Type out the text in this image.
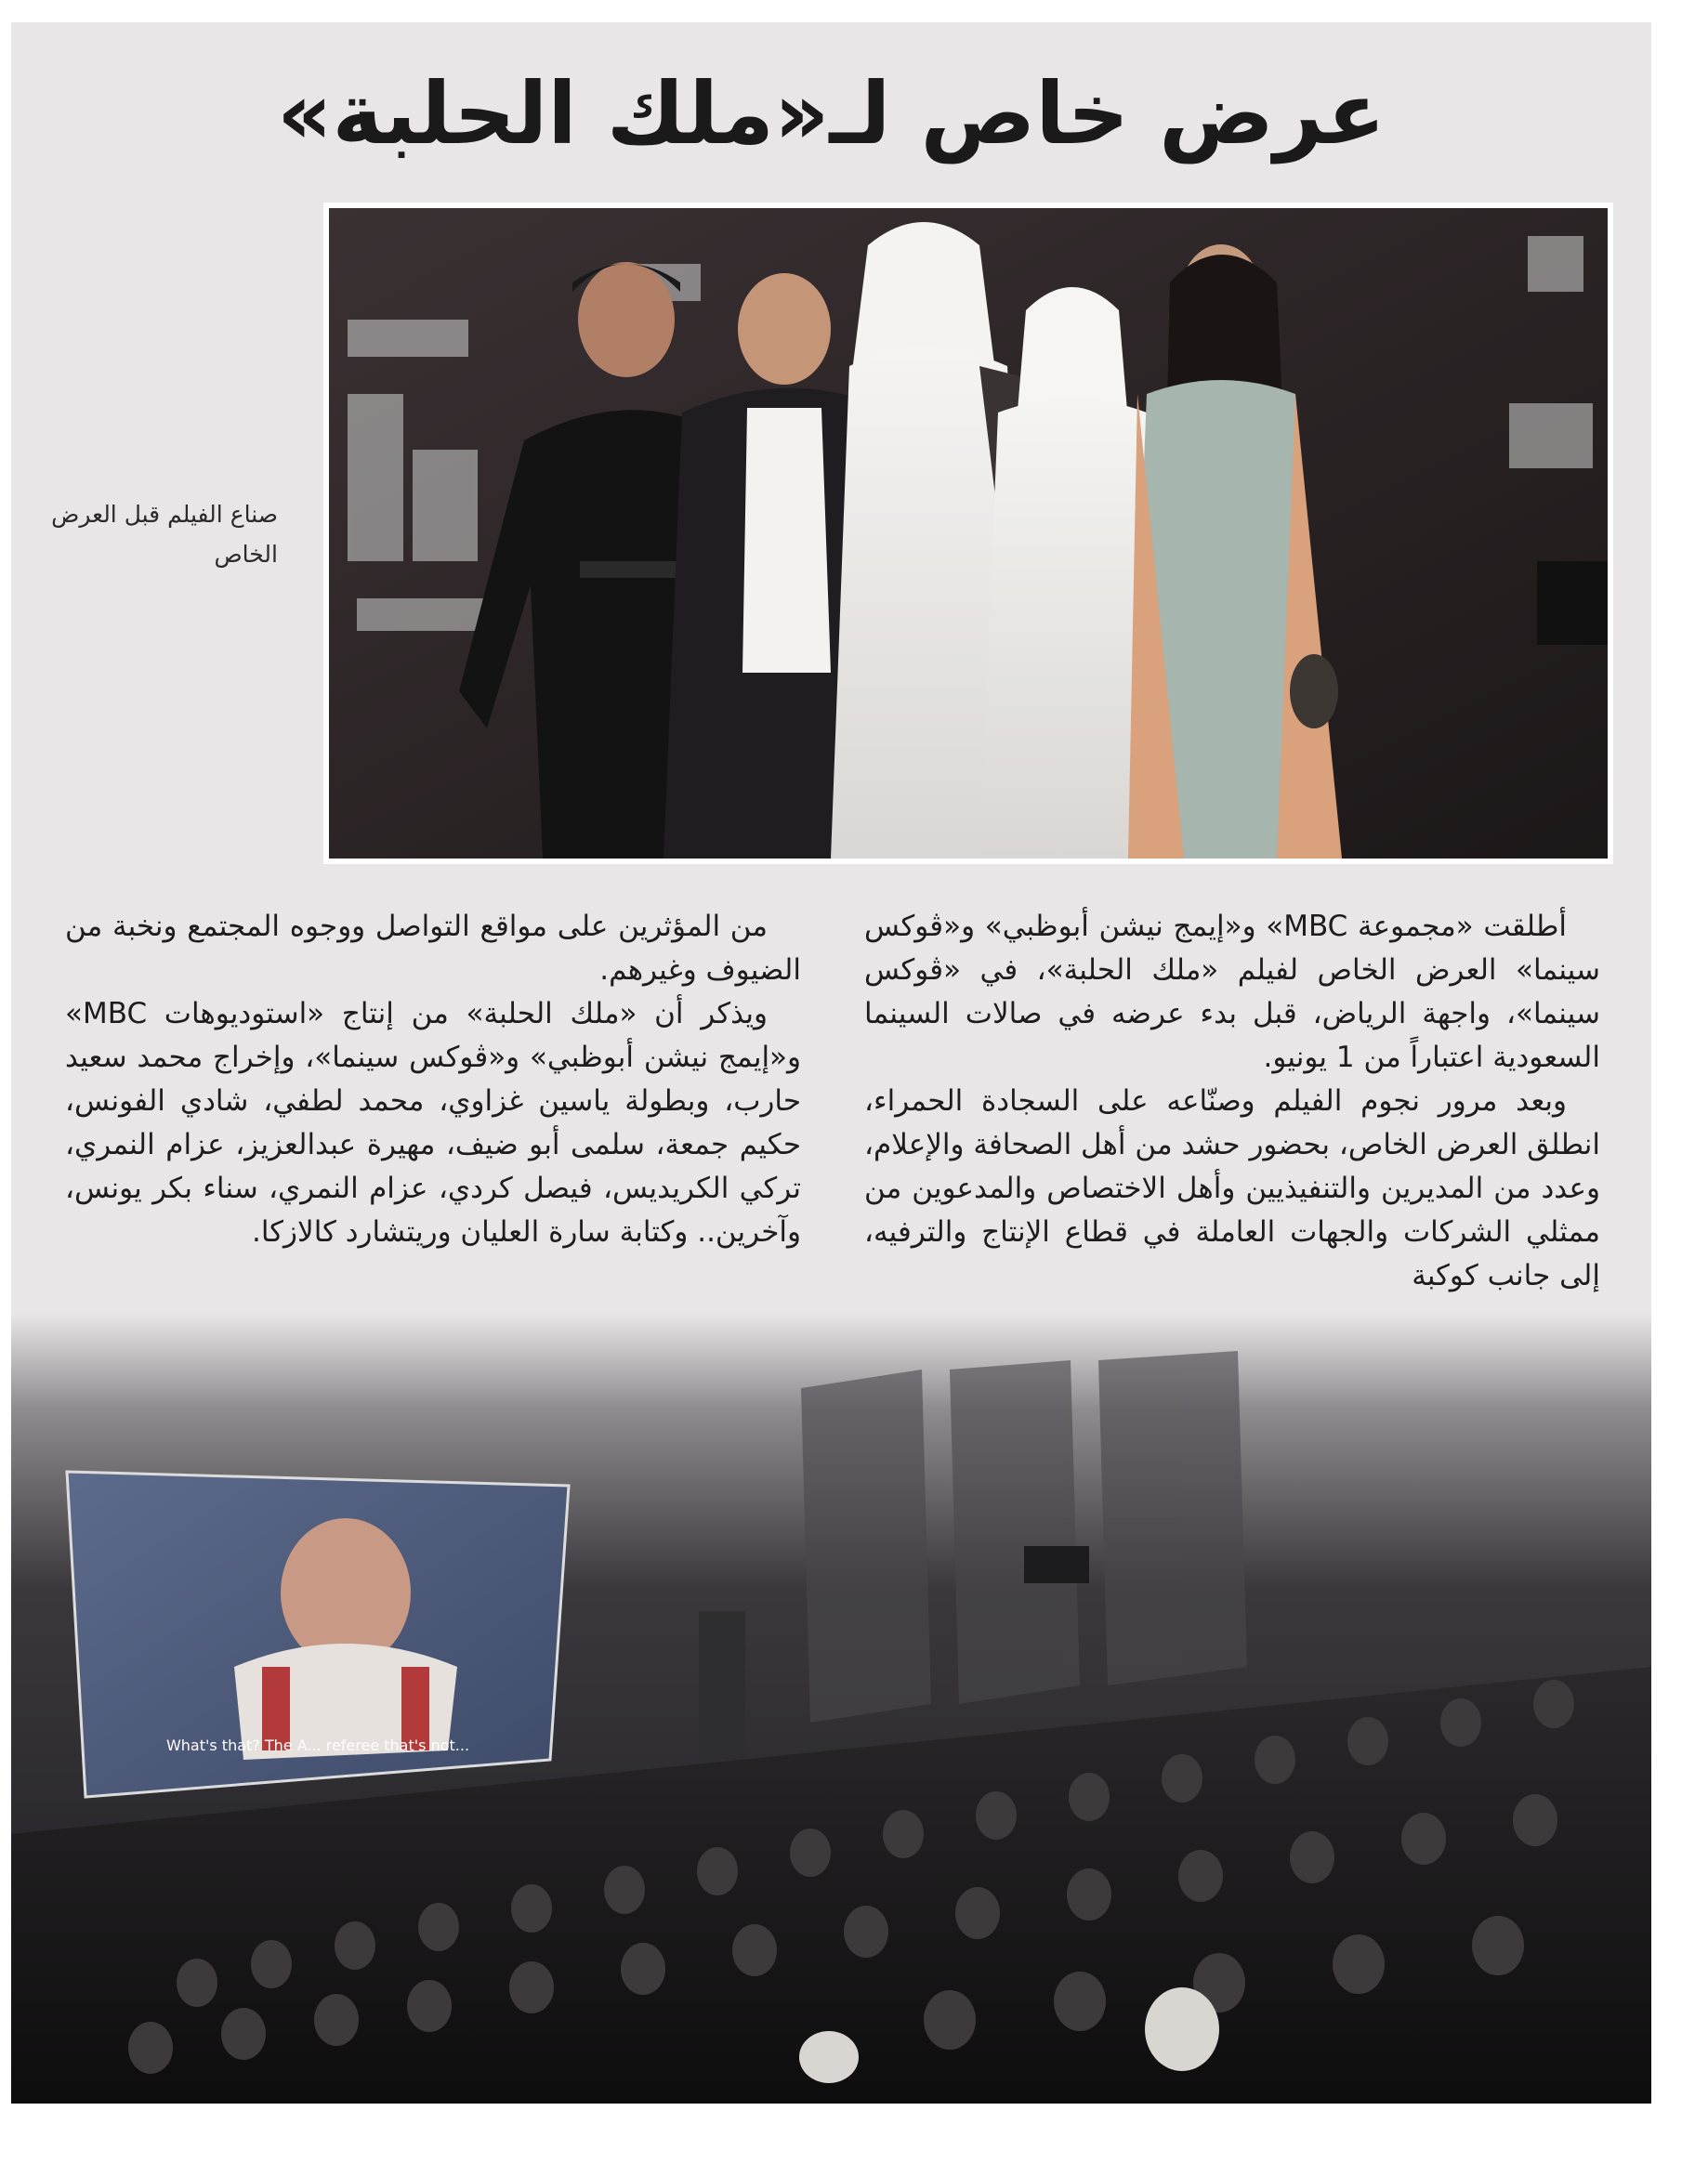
عرض خاص لـ«ملك الحلبة»
صناع الفيلم قبل العرض الخاص

أطلقت «مجموعة MBC» و«إيمج نيشن أبوظبي» و«ڤوكس سينما» العرض الخاص لفيلم «ملك الحلبة»، في «ڤوكس سينما»، واجهة الرياض، قبل بدء عرضه في صالات السينما السعودية اعتباراً من 1 يونيو.

وبعد مرور نجوم الفيلم وصنّاعه على السجادة الحمراء، انطلق العرض الخاص، بحضور حشد من أهل الصحافة والإعلام، وعدد من المديرين والتنفيذيين وأهل الاختصاص والمدعوين من ممثلي الشركات والجهات العاملة في قطاع الإنتاج والترفيه، إلى جانب كوكبة

من المؤثرين على مواقع التواصل ووجوه المجتمع ونخبة من الضيوف وغيرهم.

ويذكر أن «ملك الحلبة» من إنتاج «استوديوهات MBC» و«إيمج نيشن أبوظبي» و«ڤوكس سينما»، وإخراج محمد سعيد حارب، وبطولة ياسين غزاوي، محمد لطفي، شادي الفونس، حكيم جمعة، سلمى أبو ضيف، مهيرة عبدالعزيز، عزام النمري، تركي الكريديس، فيصل كردي، عزام النمري، سناء بكر يونس، وآخرين.. وكتابة سارة العليان وريتشارد كالازكا.

What's that? The A... referee that's not...
